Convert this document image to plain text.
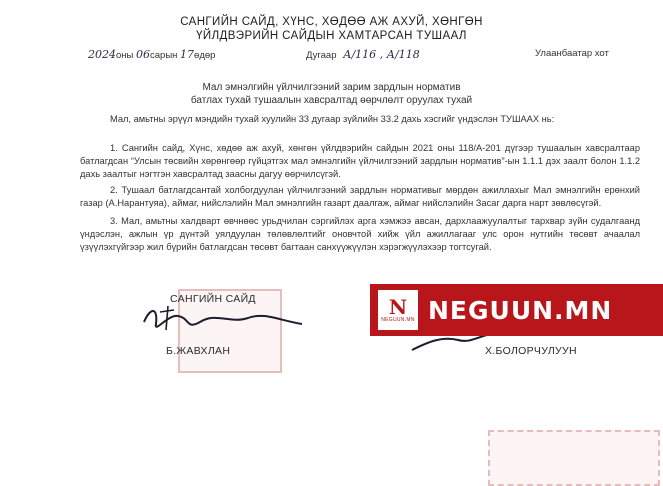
САНГИЙН САЙД, ХҮНС, ХӨДӨӨ АЖ АХУЙ, ХӨНГӨН
ҮЙЛДВЭРИЙН САЙДЫН ХАМТАРСАН ТУШААЛ
2024оны 06сарын 17өдөр	Дугаар А/116 , А/118	Улаанбаатар хот
Мал эмнэлгийн үйлчилгээний зарим зардлын норматив
батлах тухай тушаалын хавсралтад өөрчлөлт оруулах тухай

Мал, амьтны эрүүл мэндийн тухай хуулийн 33 дугаар зүйлийн 33.2 дахь хэсгийг үндэслэн ТУШААХ нь:

1. Сангийн сайд, Хүнс, хөдөө аж ахуй, хөнгөн үйлдвэрийн сайдын 2021 оны 118/А-201 дүгээр тушаалын хавсралтаар батлагдсан “Улсын төсвийн хөрөнгөөр гүйцэтгэх мал эмнэлгийн үйлчилгээний зардлын норматив”-ын 1.1.1 дэх заалт болон 1.1.2 дахь заалтыг нэгтгэн хавсралтад заасны дагуу өөрчилсүгэй.

2. Тушаал батлагдсантай холбогдуулан үйлчилгээний зардлын нормативыг мөрдөн ажиллахыг Мал эмнэлгийн ерөнхий газар (А.Нарантуяа), аймаг, нийслэлийн Мал эмнэлгийн газарт даалгаж, аймаг нийслэлийн Засаг дарга нарт зөвлөсүгэй.

3. Мал, амьтны халдварт өвчнөөс урьдчилан сэргийлэх арга хэмжээ авсан, дархлаажуулалтыг тархвар зүйн судалгаанд үндэслэн, ажлын үр дүнтэй уялдуулан төлөвлөлтийг оновчтой хийж үйл ажиллагааг улс орон нутгийн төсөвт ачаалал үзүүлэхгүйгээр жил бүрийн батлагдсан төсөвт багтаан санхүүжүүлэн хэрэгжүүлэхээр тогтсугай.

САНГИЙН САЙД
Б.ЖАВХЛАН	Х.БОЛОРЧУЛУУН
N
NEGUUN.MN NEGUUN.MN
